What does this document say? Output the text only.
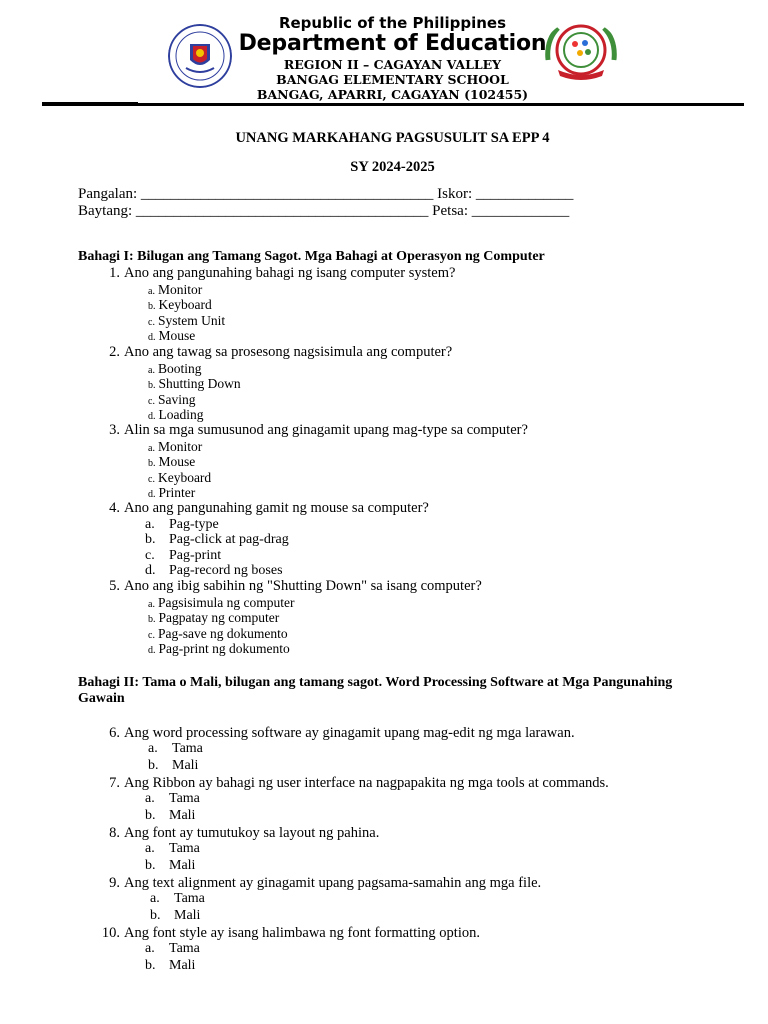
Republic of the Philippines
Department of Education
REGION II – CAGAYAN VALLEY
BANGAG ELEMENTARY SCHOOL
BANGAG, APARRI, CAGAYAN (102455)
UNANG MARKAHANG PAGSUSULIT SA EPP 4
SY 2024-2025
Pangalan: _______________________________________ Iskor: _____________
Baytang: _______________________________________ Petsa: _____________
Bahagi I: Bilugan ang Tamang Sagot. Mga Bahagi at Operasyon ng Computer
1. Ano ang pangunahing bahagi ng isang computer system?
a. Monitor
b. Keyboard
c. System Unit
d. Mouse
2. Ano ang tawag sa prosesong nagsisimula ang computer?
a. Booting
b. Shutting Down
c. Saving
d. Loading
3. Alin sa mga sumusunod ang ginagamit upang mag-type sa computer?
a. Monitor
b. Mouse
c. Keyboard
d. Printer
4. Ano ang pangunahing gamit ng mouse sa computer?
a. Pag-type
b. Pag-click at pag-drag
c. Pag-print
d. Pag-record ng boses
5. Ano ang ibig sabihin ng "Shutting Down" sa isang computer?
a. Pagsisimula ng computer
b. Pagpatay ng computer
c. Pag-save ng dokumento
d. Pag-print ng dokumento
Bahagi II: Tama o Mali, bilugan ang tamang sagot. Word Processing Software at Mga Pangunahing Gawain
6. Ang word processing software ay ginagamit upang mag-edit ng mga larawan.
a. Tama
b. Mali
7. Ang Ribbon ay bahagi ng user interface na nagpapakita ng mga tools at commands.
a. Tama
b. Mali
8. Ang font ay tumutukoy sa layout ng pahina.
a. Tama
b. Mali
9. Ang text alignment ay ginagamit upang pagsama-samahin ang mga file.
a. Tama
b. Mali
10. Ang font style ay isang halimbawa ng font formatting option.
a. Tama
b. Mali
